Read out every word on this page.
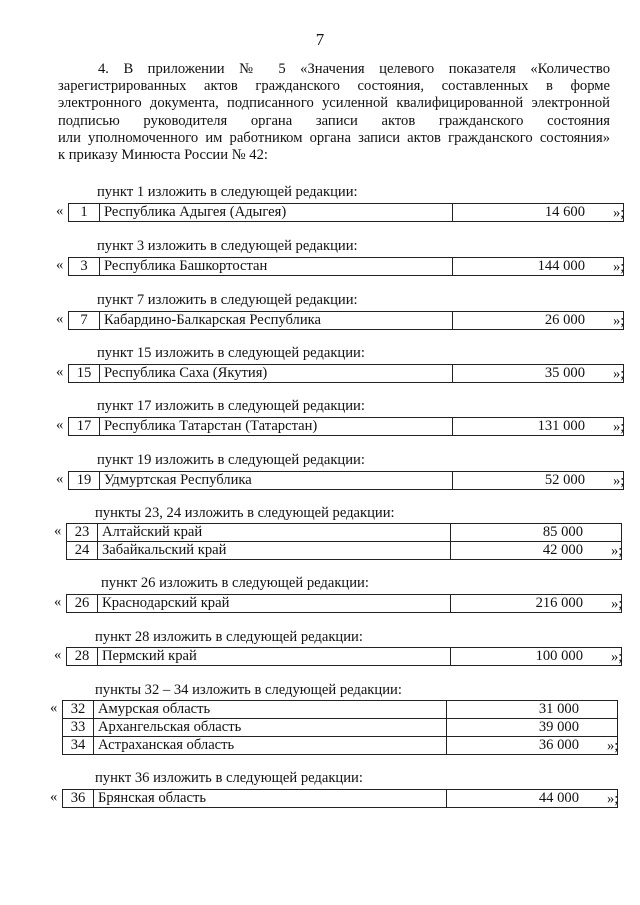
7
4. В приложении № 5 «Значения целевого показателя «Количество
зарегистрированных актов гражданского состояния, составленных в форме
электронного документа, подписанного усиленной квалифицированной электронной
подписью руководителя органа записи актов гражданского состояния
или уполномоченного им работником органа записи актов гражданского состояния»
к приказу Минюста России № 42:
пункт 1 изложить в следующей редакции:
« 1	Республика Адыгея (Адыгея)	14 600 »;
пункт 3 изложить в следующей редакции:
« 3	Республика Башкортостан	144 000 »;
пункт 7 изложить в следующей редакции:
« 7	Кабардино-Балкарская Республика	26 000 »;
пункт 15 изложить в следующей редакции:
« 15	Республика Саха (Якутия)	35 000 »;
пункт 17 изложить в следующей редакции:
« 17	Республика Татарстан (Татарстан)	131 000 »;
пункт 19 изложить в следующей редакции:
« 19	Удмуртская Республика	52 000 »;
пункты 23, 24 изложить в следующей редакции:
« 23	Алтайский край	85 000
24	Забайкальский край	42 000 »;
пункт 26 изложить в следующей редакции:
« 26	Краснодарский край	216 000 »;
пункт 28 изложить в следующей редакции:
« 28	Пермский край	100 000 »;
пункты 32 – 34 изложить в следующей редакции:
« 32	Амурская область	31 000
33	Архангельская область	39 000
34	Астраханская область	36 000 »;
пункт 36 изложить в следующей редакции:
« 36	Брянская область	44 000 »;
